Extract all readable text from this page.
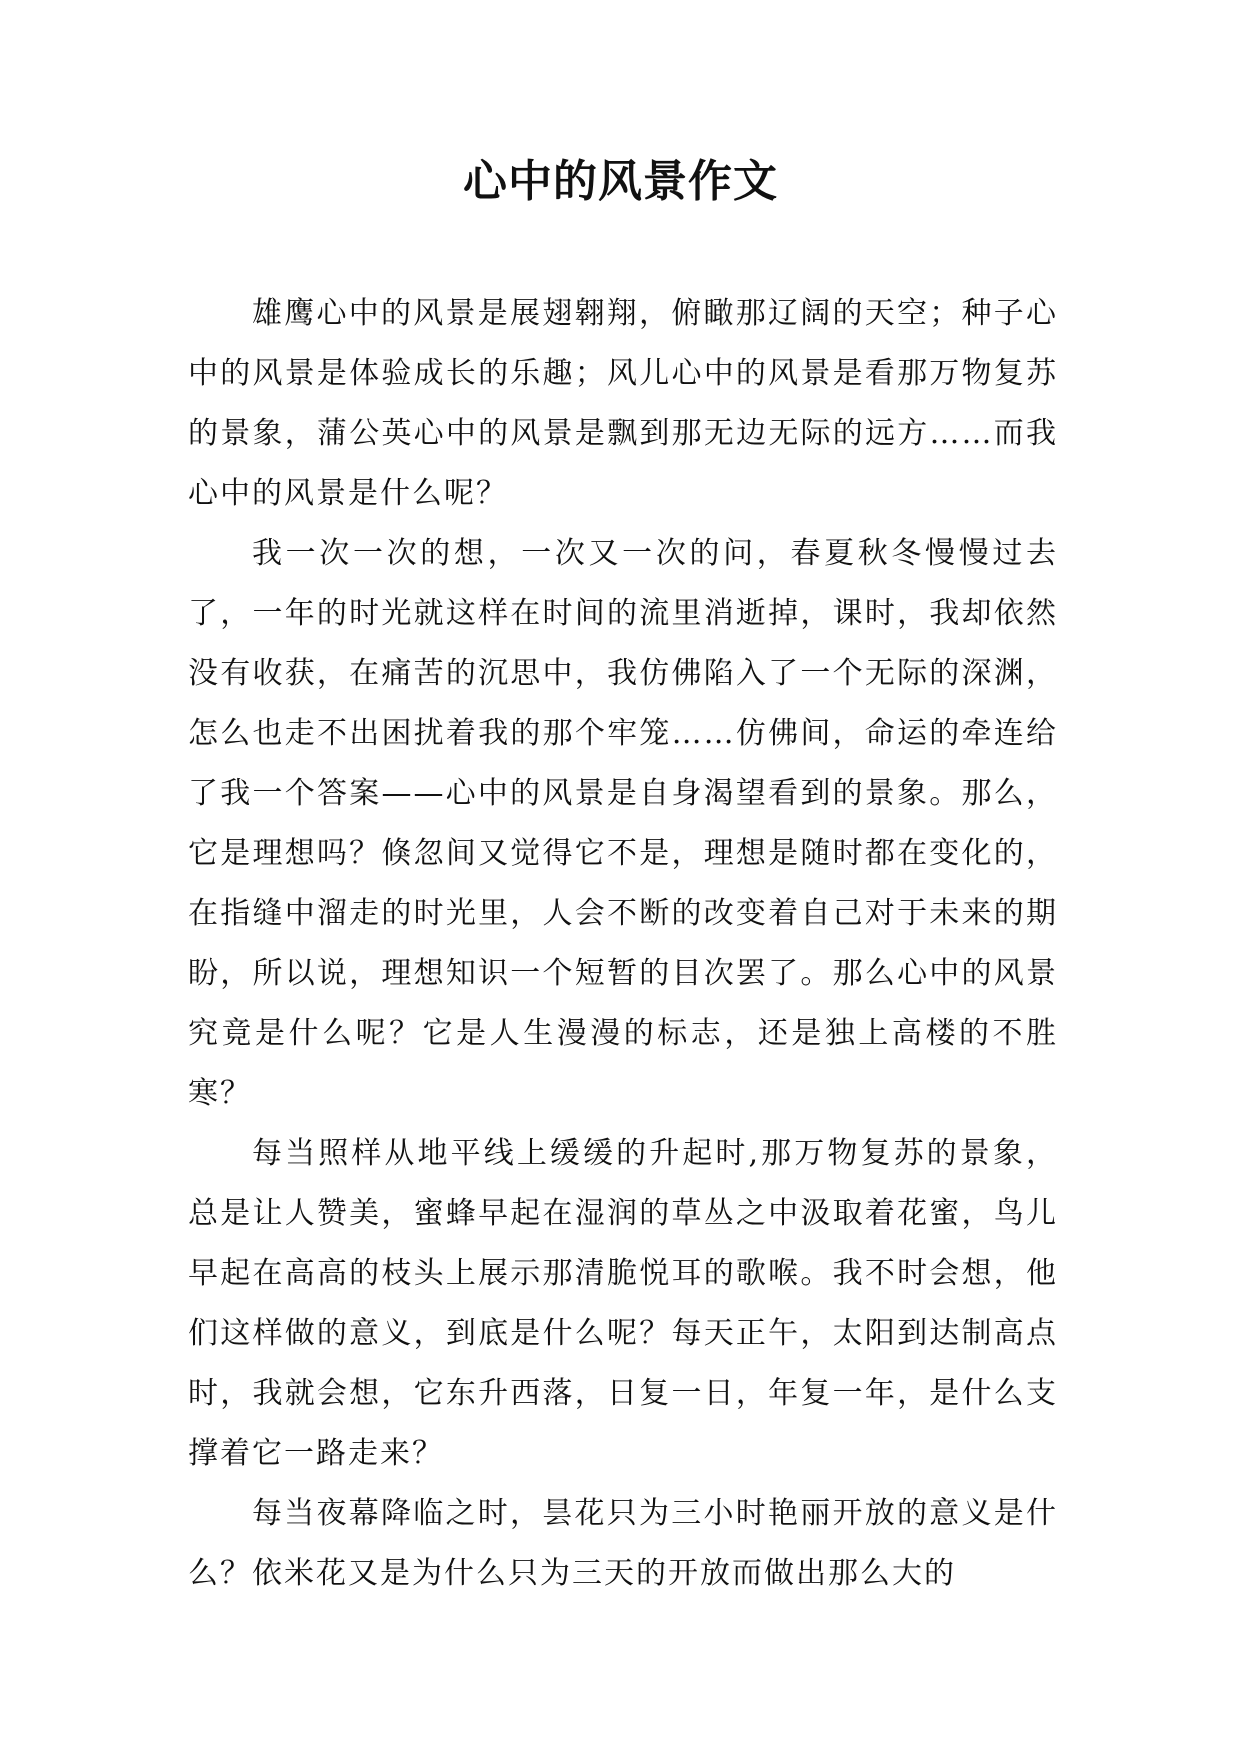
心中的风景作文

雄鹰心中的风景是展翅翱翔，俯瞰那辽阔的天空；种子心中的风景是体验成长的乐趣；风儿心中的风景是看那万物复苏的景象，蒲公英心中的风景是飘到那无边无际的远方……而我心中的风景是什么呢？

我一次一次的想，一次又一次的问，春夏秋冬慢慢过去了，一年的时光就这样在时间的流里消逝掉，课时，我却依然没有收获，在痛苦的沉思中，我仿佛陷入了一个无际的深渊，怎么也走不出困扰着我的那个牢笼……仿佛间，命运的牵连给了我一个答案——心中的风景是自身渴望看到的景象。那么，它是理想吗？倏忽间又觉得它不是，理想是随时都在变化的，在指缝中溜走的时光里，人会不断的改变着自己对于未来的期盼，所以说，理想知识一个短暂的目次罢了。那么心中的风景究竟是什么呢？它是人生漫漫的标志，还是独上高楼的不胜寒？

每当照样从地平线上缓缓的升起时,那万物复苏的景象，总是让人赞美，蜜蜂早起在湿润的草丛之中汲取着花蜜，鸟儿早起在高高的枝头上展示那清脆悦耳的歌喉。我不时会想，他们这样做的意义，到底是什么呢？每天正午，太阳到达制高点时，我就会想，它东升西落，日复一日，年复一年，是什么支撑着它一路走来？

每当夜幕降临之时，昙花只为三小时艳丽开放的意义是什么？依米花又是为什么只为三天的开放而做出那么大的
